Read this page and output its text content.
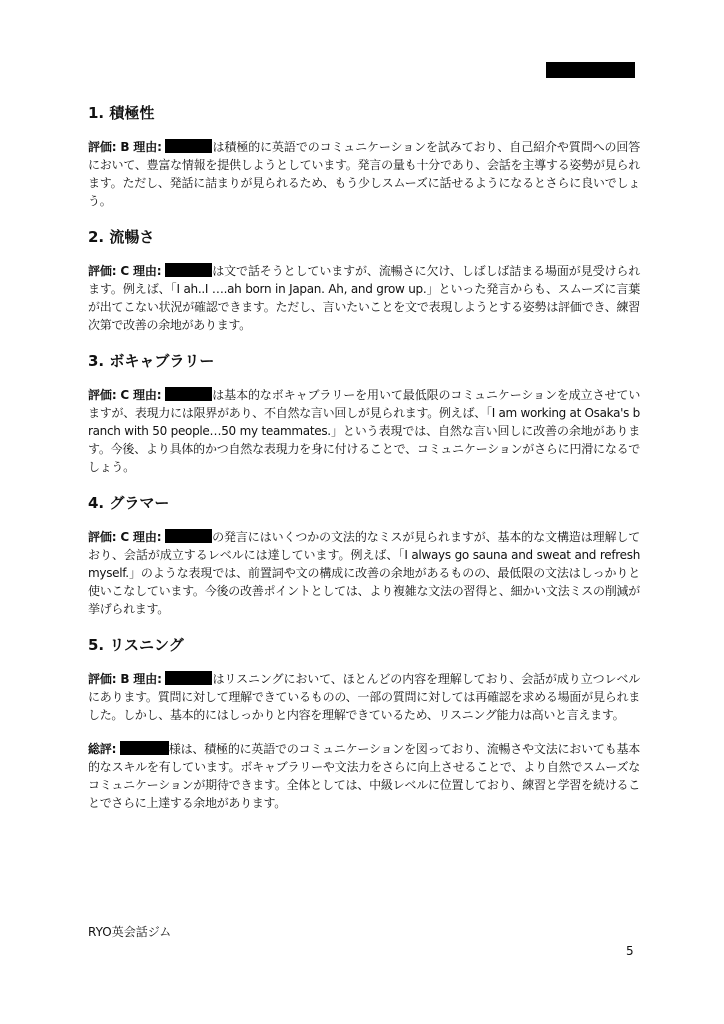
1. 積極性

評価: B 理由:	は積極的に英語でのコミュニケーションを試みており、自己紹介や質問への回答において、豊富な情報を提供しようとしています。発言の量も十分であり、会話を主導する姿勢が見られます。ただし、発話に詰まりが見られるため、もう少しスムーズに話せるようになるとさらに良いでしょう。

2. 流暢さ

評価: C 理由:	は文で話そうとしていますが、流暢さに欠け、しばしば詰まる場面が見受けられます。例えば、「I ah..I ….ah born in Japan. Ah, and grow up.」といった発言からも、スムーズに言葉が出てこない状況が確認できます。ただし、言いたいことを文で表現しようとする姿勢は評価でき、練習次第で改善の余地があります。

3. ボキャブラリー

評価: C 理由:	は基本的なボキャブラリーを用いて最低限のコミュニケーションを成立させていますが、表現力には限界があり、不自然な言い回しが見られます。例えば、「I am working at Osaka's branch with 50 people…50 my teammates.」という表現では、自然な言い回しに改善の余地があります。今後、より具体的かつ自然な表現力を身に付けることで、コミュニケーションがさらに円滑になるでしょう。

4. グラマー

評価: C 理由:	の発言にはいくつかの文法的なミスが見られますが、基本的な文構造は理解しており、会話が成立するレベルには達しています。例えば、「I always go sauna and sweat and refresh myself.」のような表現では、前置詞や文の構成に改善の余地があるものの、最低限の文法はしっかりと使いこなしています。今後の改善ポイントとしては、より複雑な文法の習得と、細かい文法ミスの削減が挙げられます。

5. リスニング

評価: B 理由:	はリスニングにおいて、ほとんどの内容を理解しており、会話が成り立つレベルにあります。質問に対して理解できているものの、一部の質問に対しては再確認を求める場面が見られました。しかし、基本的にはしっかりと内容を理解できているため、リスニング能力は高いと言えます。

総評:	様は、積極的に英語でのコミュニケーションを図っており、流暢さや文法においても基本的なスキルを有しています。ボキャブラリーや文法力をさらに向上させることで、より自然でスムーズなコミュニケーションが期待できます。全体としては、中級レベルに位置しており、練習と学習を続けることでさらに上達する余地があります。

RYO英会話ジム
5
